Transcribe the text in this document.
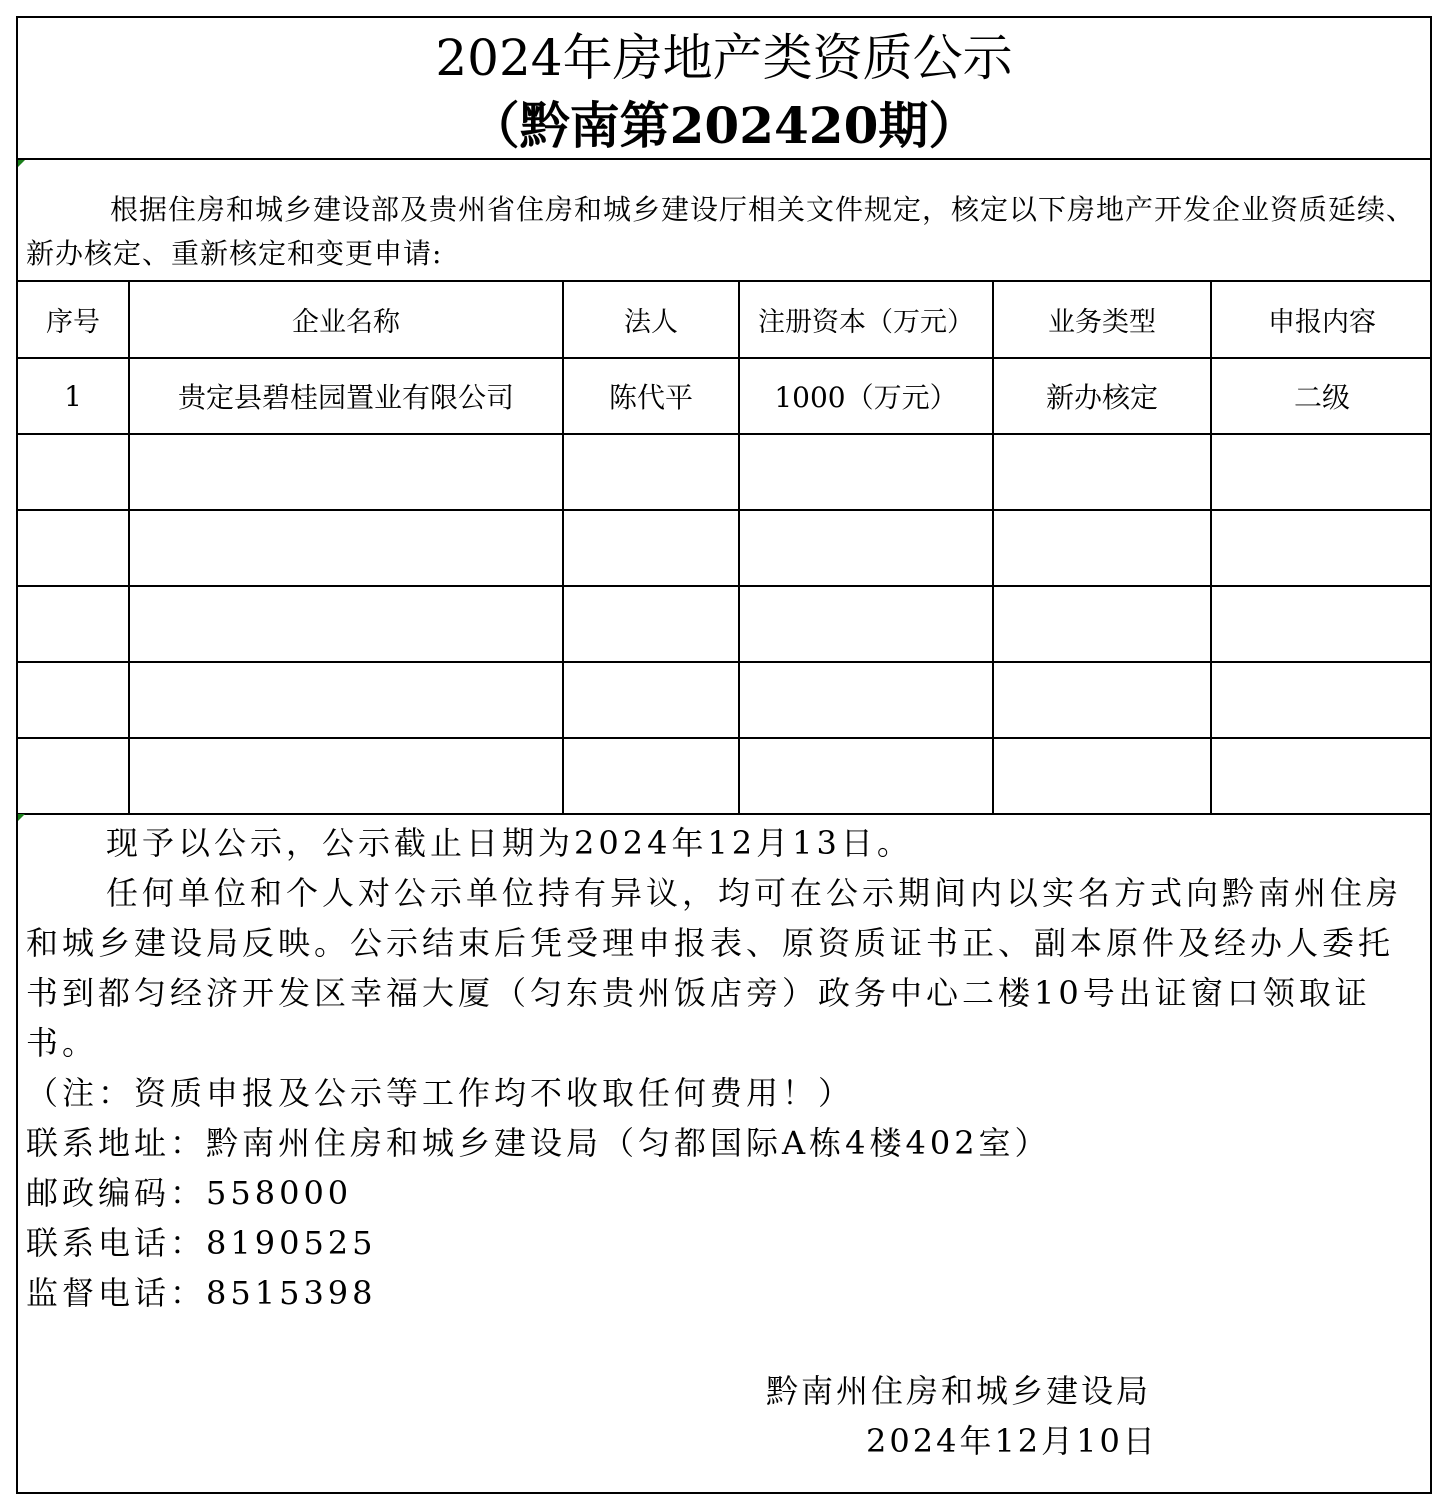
2024年房地产类资质公示
（黔南第202420期）

根据住房和城乡建设部及贵州省住房和城乡建设厅相关文件规定，核定以下房地产开发企业资质延续、新办核定、重新核定和变更申请:

序号	企业名称	法人	注册资本（万元）	业务类型	申报内容
1	贵定县碧桂园置业有限公司	陈代平	1000（万元）	新办核定	二级

现予以公示，公示截止日期为2024年12月13日。

任何单位和个人对公示单位持有异议，均可在公示期间内以实名方式向黔南州住房和城乡建设局反映。公示结束后凭受理申报表、原资质证书正、副本原件及经办人委托书到都匀经济开发区幸福大厦（匀东贵州饭店旁）政务中心二楼10号出证窗口领取证书。

（注：资质申报及公示等工作均不收取任何费用！）

联系地址：黔南州住房和城乡建设局（匀都国际A栋4楼402室）

邮政编码：558000

联系电话：8190525

监督电话：8515398

黔南州住房和城乡建设局
2024年12月10日
